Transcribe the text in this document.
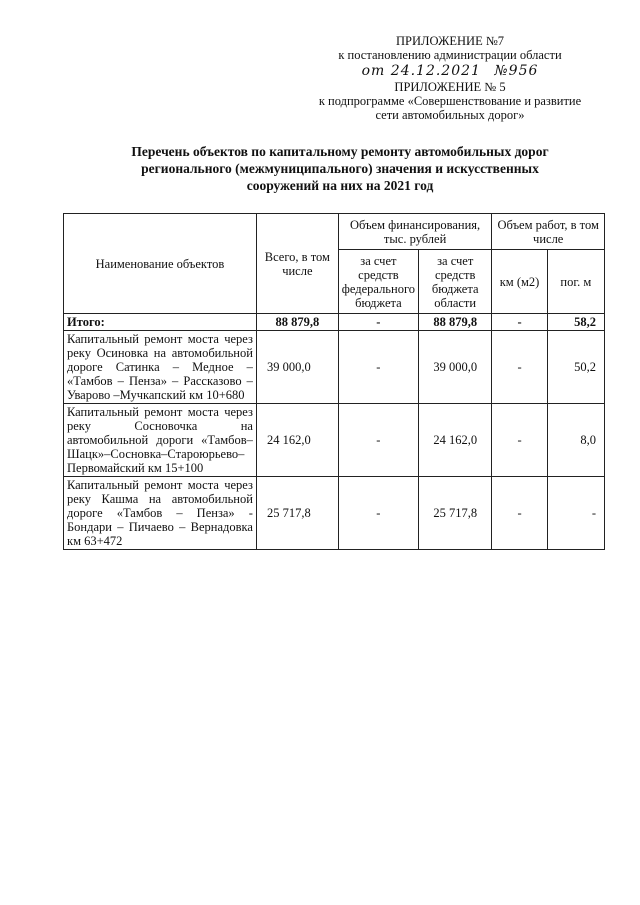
ПРИЛОЖЕНИЕ №7
к постановлению администрации области
от 24.12.2021 №956
ПРИЛОЖЕНИЕ № 5
к подпрограмме «Совершенствование и развитие
сети автомобильных дорог»
Перечень объектов по капитальному ремонту автомобильных дорог
регионального (межмуниципального) значения и искусственных
сооружений на них на 2021 год
Наименование объектов	Всего, в том числе	Объем финансирования, тыс. рублей		Объем работ, в том числе	
		за счет средств федерального бюджета	за счет средств бюджета области	км (м2)	пог. м
Итого:	88 879,8	-	88 879,8	-	58,2
Капитальный ремонт моста через реку Осиновка на автомобильной дороге Сатинка – Медное – «Тамбов – Пенза» – Рассказово – Уварово –Мучкапский км 10+680	39 000,0	-	39 000,0	-	50,2
Капитальный ремонт моста через реку Сосновочка на автомобильной дороги «Тамбов–Шацк»–Сосновка–Староюрьево–Первомайский км 15+100	24 162,0	-	24 162,0	-	8,0
Капитальный ремонт моста через реку Кашма на автомобильной дороге «Тамбов – Пенза» - Бондари – Пичаево – Вернадовка км 63+472	25 717,8	-	25 717,8	-	-
